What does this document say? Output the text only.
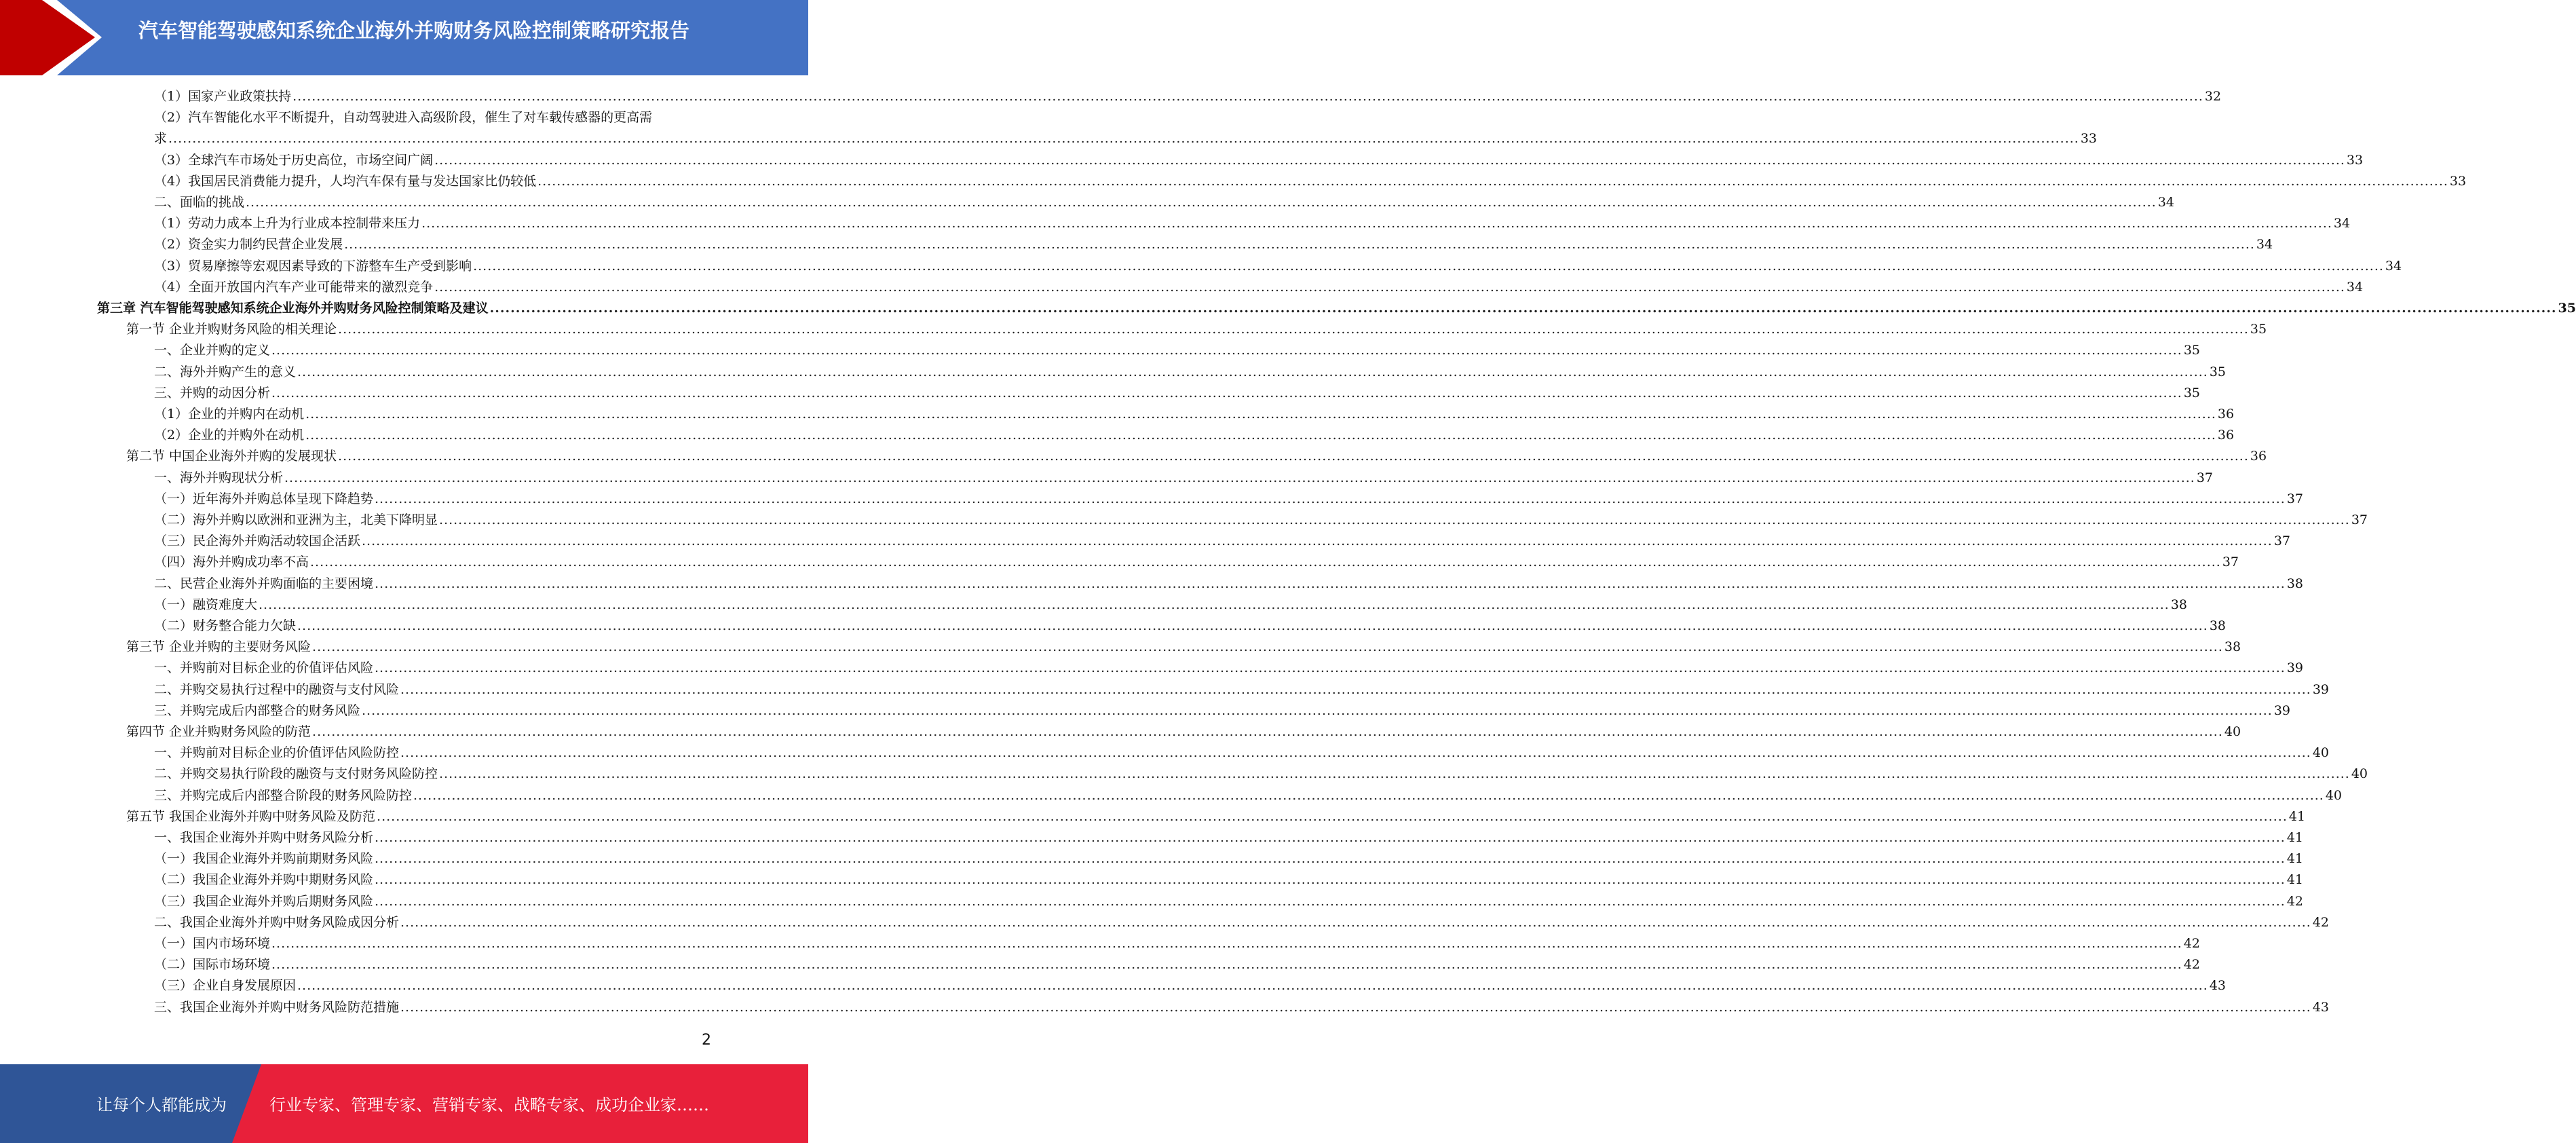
汽车智能驾驶感知系统企业海外并购财务风险控制策略研究报告
（1）国家产业政策扶持 ................................................................................................................................................................................................................................................................................................................................................................................................................ 32
（2）汽车智能化水平不断提升，自动驾驶进入高级阶段，催生了对车载传感器的更高需
求 ................................................................................................................................................................................................................................................................................................................................................................................................................ 33
（3）全球汽车市场处于历史高位，市场空间广阔 ................................................................................................................................................................................................................................................................................................................................................................................................................ 33
（4）我国居民消费能力提升，人均汽车保有量与发达国家比仍较低 ................................................................................................................................................................................................................................................................................................................................................................................................................ 33
二、面临的挑战 ................................................................................................................................................................................................................................................................................................................................................................................................................ 34
（1）劳动力成本上升为行业成本控制带来压力 ................................................................................................................................................................................................................................................................................................................................................................................................................ 34
（2）资金实力制约民营企业发展 ................................................................................................................................................................................................................................................................................................................................................................................................................ 34
（3）贸易摩擦等宏观因素导致的下游整车生产受到影响 ................................................................................................................................................................................................................................................................................................................................................................................................................ 34
（4）全面开放国内汽车产业可能带来的激烈竞争 ................................................................................................................................................................................................................................................................................................................................................................................................................ 34
第三章 汽车智能驾驶感知系统企业海外并购财务风险控制策略及建议 ................................................................................................................................................................................................................................................................................................................................................................................................................ 35
第一节 企业并购财务风险的相关理论 ................................................................................................................................................................................................................................................................................................................................................................................................................ 35
一、企业并购的定义 ................................................................................................................................................................................................................................................................................................................................................................................................................ 35
二、海外并购产生的意义 ................................................................................................................................................................................................................................................................................................................................................................................................................ 35
三、并购的动因分析 ................................................................................................................................................................................................................................................................................................................................................................................................................ 35
（1）企业的并购内在动机 ................................................................................................................................................................................................................................................................................................................................................................................................................ 36
（2）企业的并购外在动机 ................................................................................................................................................................................................................................................................................................................................................................................................................ 36
第二节 中国企业海外并购的发展现状 ................................................................................................................................................................................................................................................................................................................................................................................................................ 36
一、海外并购现状分析 ................................................................................................................................................................................................................................................................................................................................................................................................................ 37
（一）近年海外并购总体呈现下降趋势 ................................................................................................................................................................................................................................................................................................................................................................................................................ 37
（二）海外并购以欧洲和亚洲为主，北美下降明显 ................................................................................................................................................................................................................................................................................................................................................................................................................ 37
（三）民企海外并购活动较国企活跃 ................................................................................................................................................................................................................................................................................................................................................................................................................ 37
（四）海外并购成功率不高 ................................................................................................................................................................................................................................................................................................................................................................................................................ 37
二、民营企业海外并购面临的主要困境 ................................................................................................................................................................................................................................................................................................................................................................................................................ 38
（一）融资难度大 ................................................................................................................................................................................................................................................................................................................................................................................................................ 38
（二）财务整合能力欠缺 ................................................................................................................................................................................................................................................................................................................................................................................................................ 38
第三节 企业并购的主要财务风险 ................................................................................................................................................................................................................................................................................................................................................................................................................ 38
一、并购前对目标企业的价值评估风险 ................................................................................................................................................................................................................................................................................................................................................................................................................ 39
二、并购交易执行过程中的融资与支付风险 ................................................................................................................................................................................................................................................................................................................................................................................................................ 39
三、并购完成后内部整合的财务风险 ................................................................................................................................................................................................................................................................................................................................................................................................................ 39
第四节 企业并购财务风险的防范 ................................................................................................................................................................................................................................................................................................................................................................................................................ 40
一、并购前对目标企业的价值评估风险防控 ................................................................................................................................................................................................................................................................................................................................................................................................................ 40
二、并购交易执行阶段的融资与支付财务风险防控 ................................................................................................................................................................................................................................................................................................................................................................................................................ 40
三、并购完成后内部整合阶段的财务风险防控 ................................................................................................................................................................................................................................................................................................................................................................................................................ 40
第五节 我国企业海外并购中财务风险及防范 ................................................................................................................................................................................................................................................................................................................................................................................................................ 41
一、我国企业海外并购中财务风险分析 ................................................................................................................................................................................................................................................................................................................................................................................................................ 41
（一）我国企业海外并购前期财务风险 ................................................................................................................................................................................................................................................................................................................................................................................................................ 41
（二）我国企业海外并购中期财务风险 ................................................................................................................................................................................................................................................................................................................................................................................................................ 41
（三）我国企业海外并购后期财务风险 ................................................................................................................................................................................................................................................................................................................................................................................................................ 42
二、我国企业海外并购中财务风险成因分析 ................................................................................................................................................................................................................................................................................................................................................................................................................ 42
（一）国内市场环境 ................................................................................................................................................................................................................................................................................................................................................................................................................ 42
（二）国际市场环境 ................................................................................................................................................................................................................................................................................................................................................................................................................ 42
（三）企业自身发展原因 ................................................................................................................................................................................................................................................................................................................................................................................................................ 43
三、我国企业海外并购中财务风险防范措施 ................................................................................................................................................................................................................................................................................................................................................................................................................ 43
2
让每个人都能成为	行业专家、管理专家、营销专家、战略专家、成功企业家……
